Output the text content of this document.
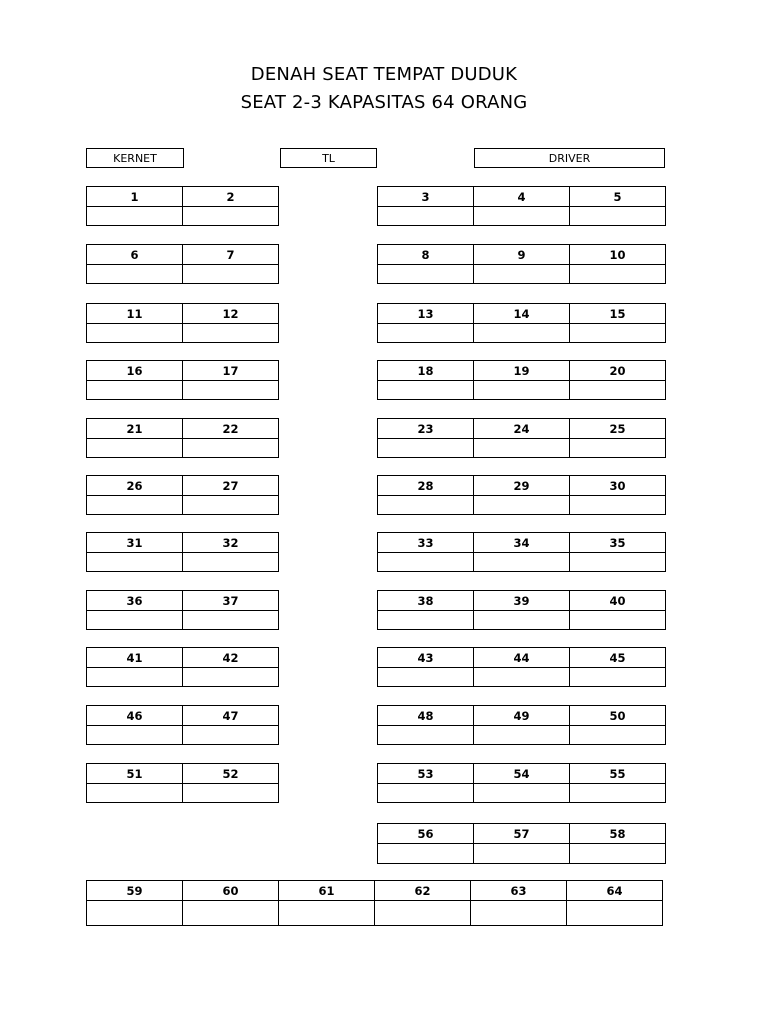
DENAH SEAT TEMPAT DUDUK
SEAT 2-3 KAPASITAS 64 ORANG
KERNET	TL	DRIVER
1	2	3	4	5
6	7	8	9	10
11	12	13	14	15
16	17	18	19	20
21	22	23	24	25
26	27	28	29	30
31	32	33	34	35
36	37	38	39	40
41	42	43	44	45
46	47	48	49	50
51	52	53	54	55
56	57	58
59	60	61	62	63	64
